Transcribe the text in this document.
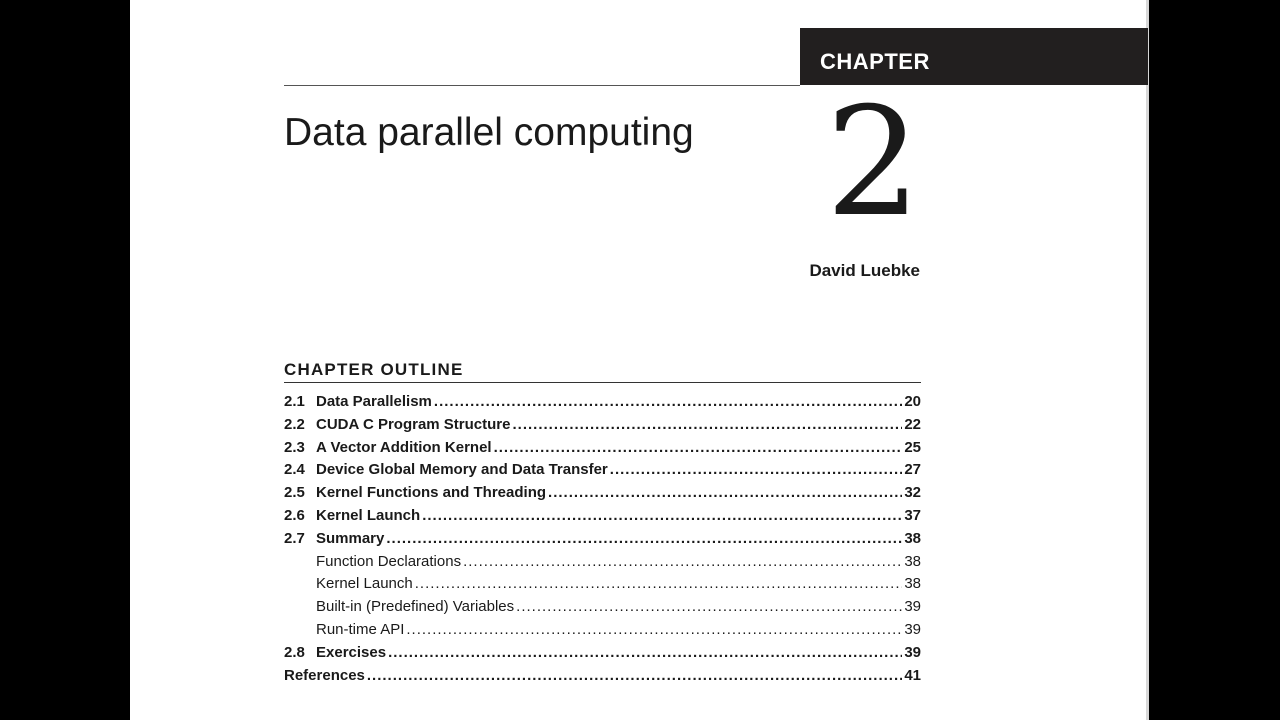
CHAPTER
Data parallel computing 2
David Luebke
CHAPTER OUTLINE
2.1 Data Parallelism .....	20
2.2 CUDA C Program Structure .....	22
2.3 A Vector Addition Kernel .....	25
2.4 Device Global Memory and Data Transfer .....	27
2.5 Kernel Functions and Threading .....	32
2.6 Kernel Launch .....	37
2.7 Summary .....	38
Function Declarations .....	38
Kernel Launch .....	38
Built-in (Predefined) Variables .....	39
Run-time API .....	39
2.8 Exercises .....	39
References .....	41
